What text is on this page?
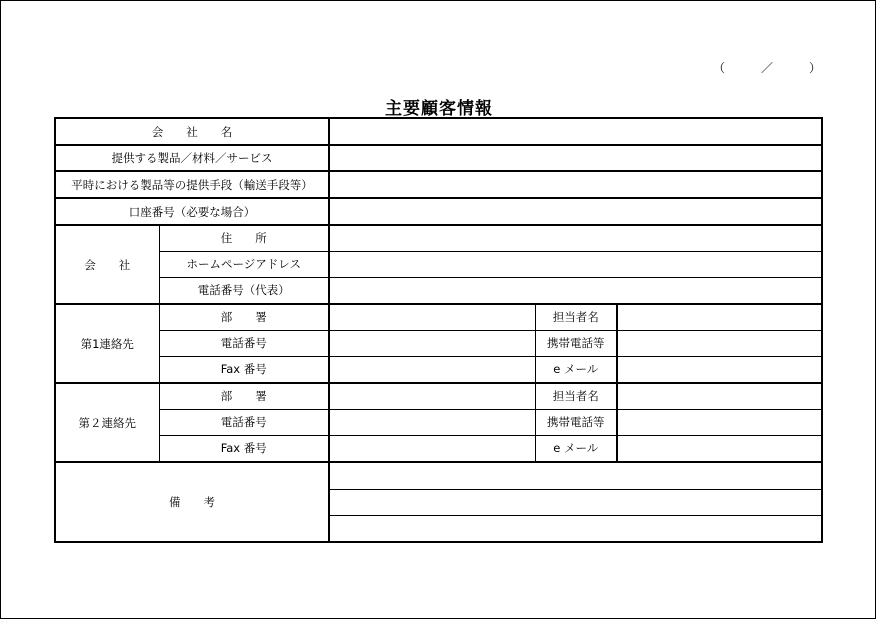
（　　　／　　　）
主要顧客情報
会　　社　　名				
提供する製品／材料／サービス				
平時における製品等の提供手段（輸送手段等）				
口座番号（必要な場合）				
会　　社	住　　所			
	ホームページアドレス			
	電話番号（代表）			
第1連絡先	部　　署		担当者名	
	電話番号		携帯電話等	
	Fax 番号		e メール	
第２連絡先	部　　署		担当者名	
	電話番号		携帯電話等	
	Fax 番号		e メール	
備　　考				
